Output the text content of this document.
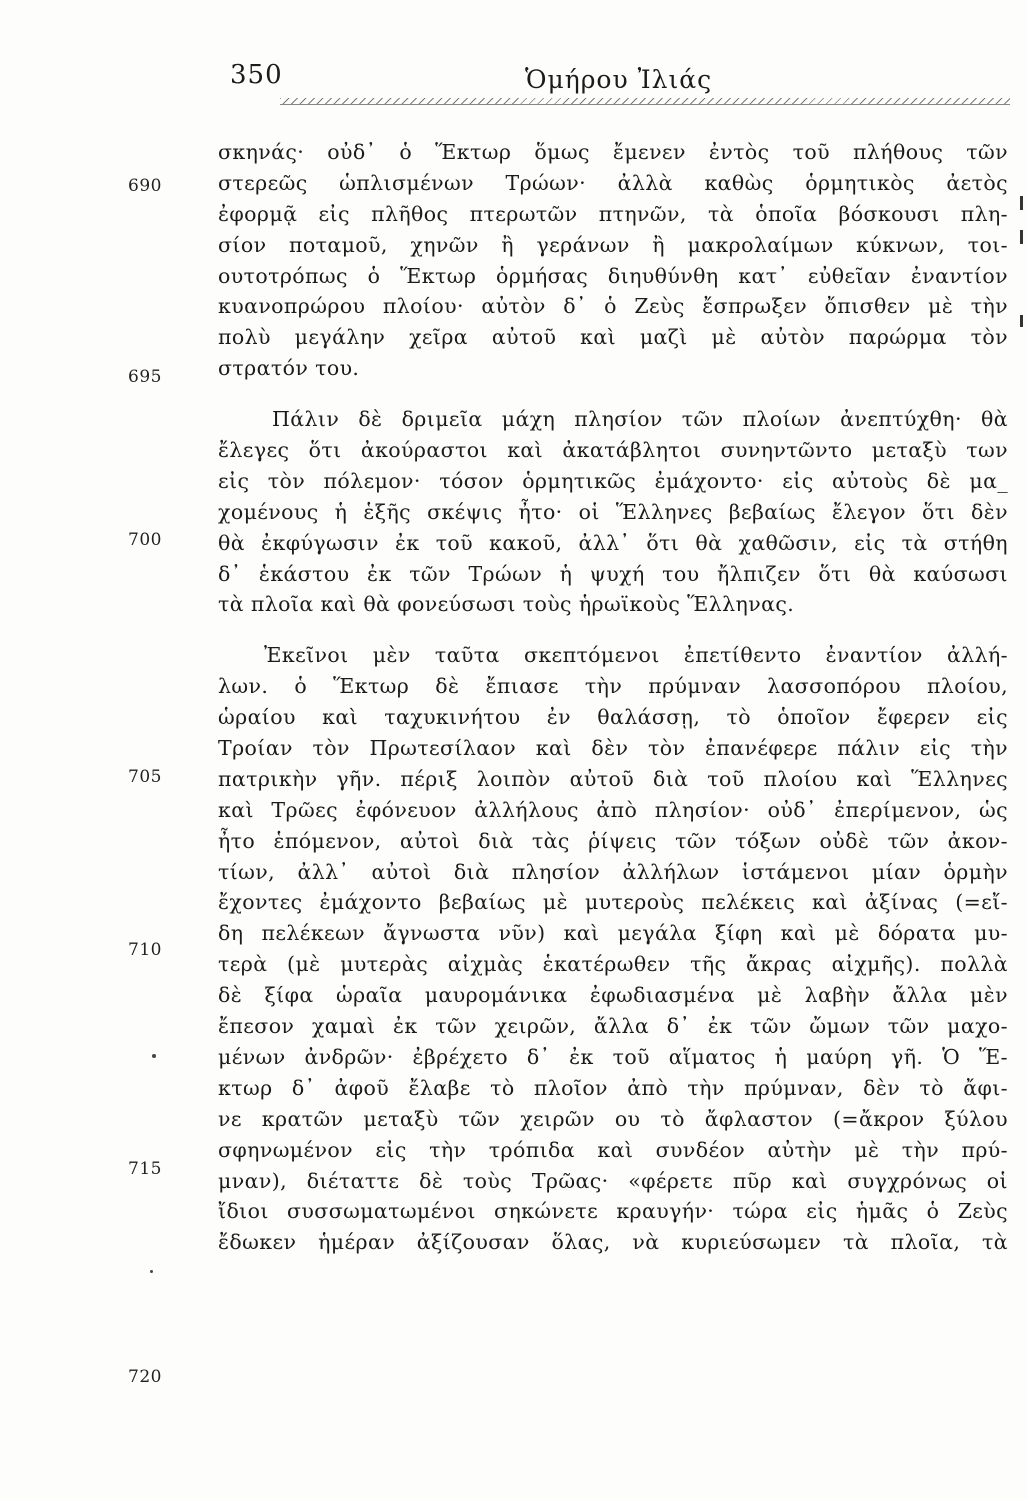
350	Ὁμήρου Ἰλιάς
690
695
700
705
710
715
720
σκηνάς· οὐδ᾽ ὁ Ἕκτωρ ὅμως ἔμενεν ἐντὸς τοῦ πλήθους τῶν
στερεῶς ὡπλισμένων Τρώων· ἀλλὰ καθὼς ὁρμητικὸς ἀετὸς
ἐφορμᾷ εἰς πλῆθος πτερωτῶν πτηνῶν, τὰ ὁποῖα βόσκουσι πλη-
σίον ποταμοῦ, χηνῶν ἢ γεράνων ἢ μακρολαίμων κύκνων, τοι-
ουτοτρόπως ὁ Ἕκτωρ ὁρμήσας διηυθύνθη κατ᾽ εὐθεῖαν ἐναντίον
κυανοπρώρου πλοίου· αὐτὸν δ᾽ ὁ Ζεὺς ἔσπρωξεν ὄπισθεν μὲ τὴν
πολὺ μεγάλην χεῖρα αὐτοῦ καὶ μαζὶ μὲ αὐτὸν παρώρμα τὸν
στρατόν του.
Πάλιν δὲ δριμεῖα μάχη πλησίον τῶν πλοίων ἀνεπτύχθη· θὰ
ἔλεγες ὅτι ἀκούραστοι καὶ ἀκατάβλητοι συνηντῶντο μεταξὺ των
εἰς τὸν πόλεμον· τόσον ὁρμητικῶς ἐμάχοντο· εἰς αὐτοὺς δὲ μα_
χομένους ἡ ἑξῆς σκέψις ἦτο· οἱ Ἕλληνες βεβαίως ἔλεγον ὅτι δὲν
θὰ ἐκφύγωσιν ἐκ τοῦ κακοῦ, ἀλλ᾽ ὅτι θὰ χαθῶσιν, εἰς τὰ στήθη
δ᾽ ἑκάστου ἐκ τῶν Τρώων ἡ ψυχή του ἤλπιζεν ὅτι θὰ καύσωσι
τὰ πλοῖα καὶ θὰ φονεύσωσι τοὺς ἡρωϊκοὺς Ἕλληνας.
Ἐκεῖνοι μὲν ταῦτα σκεπτόμενοι ἐπετίθεντο ἐναντίον ἀλλή-
λων. ὁ Ἕκτωρ δὲ ἔπιασε τὴν πρύμναν λασσοπόρου πλοίου,
ὡραίου καὶ ταχυκινήτου ἐν θαλάσσῃ, τὸ ὁποῖον ἔφερεν εἰς
Τροίαν τὸν Πρωτεσίλαον καὶ δὲν τὸν ἐπανέφερε πάλιν εἰς τὴν
πατρικὴν γῆν. πέριξ λοιπὸν αὐτοῦ διὰ τοῦ πλοίου καὶ Ἕλληνες
καὶ Τρῶες ἐφόνευον ἀλλήλους ἀπὸ πλησίον· οὐδ᾽ ἐπερίμενον, ὡς
ἦτο ἑπόμενον, αὐτοὶ διὰ τὰς ῥίψεις τῶν τόξων οὐδὲ τῶν ἀκον-
τίων, ἀλλ᾽ αὐτοὶ διὰ πλησίον ἀλλήλων ἱστάμενοι μίαν ὁρμὴν
ἔχοντες ἐμάχοντο βεβαίως μὲ μυτεροὺς πελέκεις καὶ ἀξίνας (=εἴ-
δη πελέκεων ἄγνωστα νῦν) καὶ μεγάλα ξίφη καὶ μὲ δόρατα μυ-
τερὰ (μὲ μυτερὰς αἰχμὰς ἑκατέρωθεν τῆς ἄκρας αἰχμῆς). πολλὰ
δὲ ξίφα ὡραῖα μαυρομάνικα ἐφωδιασμένα μὲ λαβὴν ἄλλα μὲν
ἔπεσον χαμαὶ ἐκ τῶν χειρῶν, ἄλλα δ᾽ ἐκ τῶν ὤμων τῶν μαχο-
μένων ἀνδρῶν· ἐβρέχετο δ᾽ ἐκ τοῦ αἵματος ἡ μαύρη γῆ. Ὁ Ἕ-
κτωρ δ᾽ ἀφοῦ ἔλαβε τὸ πλοῖον ἀπὸ τὴν πρύμναν, δὲν τὸ ἄφι-
νε κρατῶν μεταξὺ τῶν χειρῶν ου τὸ ἄφλαστον (=ἄκρον ξύλου
σφηνωμένον εἰς τὴν τρόπιδα καὶ συνδέον αὐτὴν μὲ τὴν πρύ-
μναν), διέταττε δὲ τοὺς Τρῶας· «φέρετε πῦρ καὶ συγχρόνως οἱ
ἴδιοι συσσωματωμένοι σηκώνετε κραυγήν· τώρα εἰς ἡμᾶς ὁ Ζεὺς
ἔδωκεν ἡμέραν ἀξίζουσαν ὅλας, νὰ κυριεύσωμεν τὰ πλοῖα, τὰ
